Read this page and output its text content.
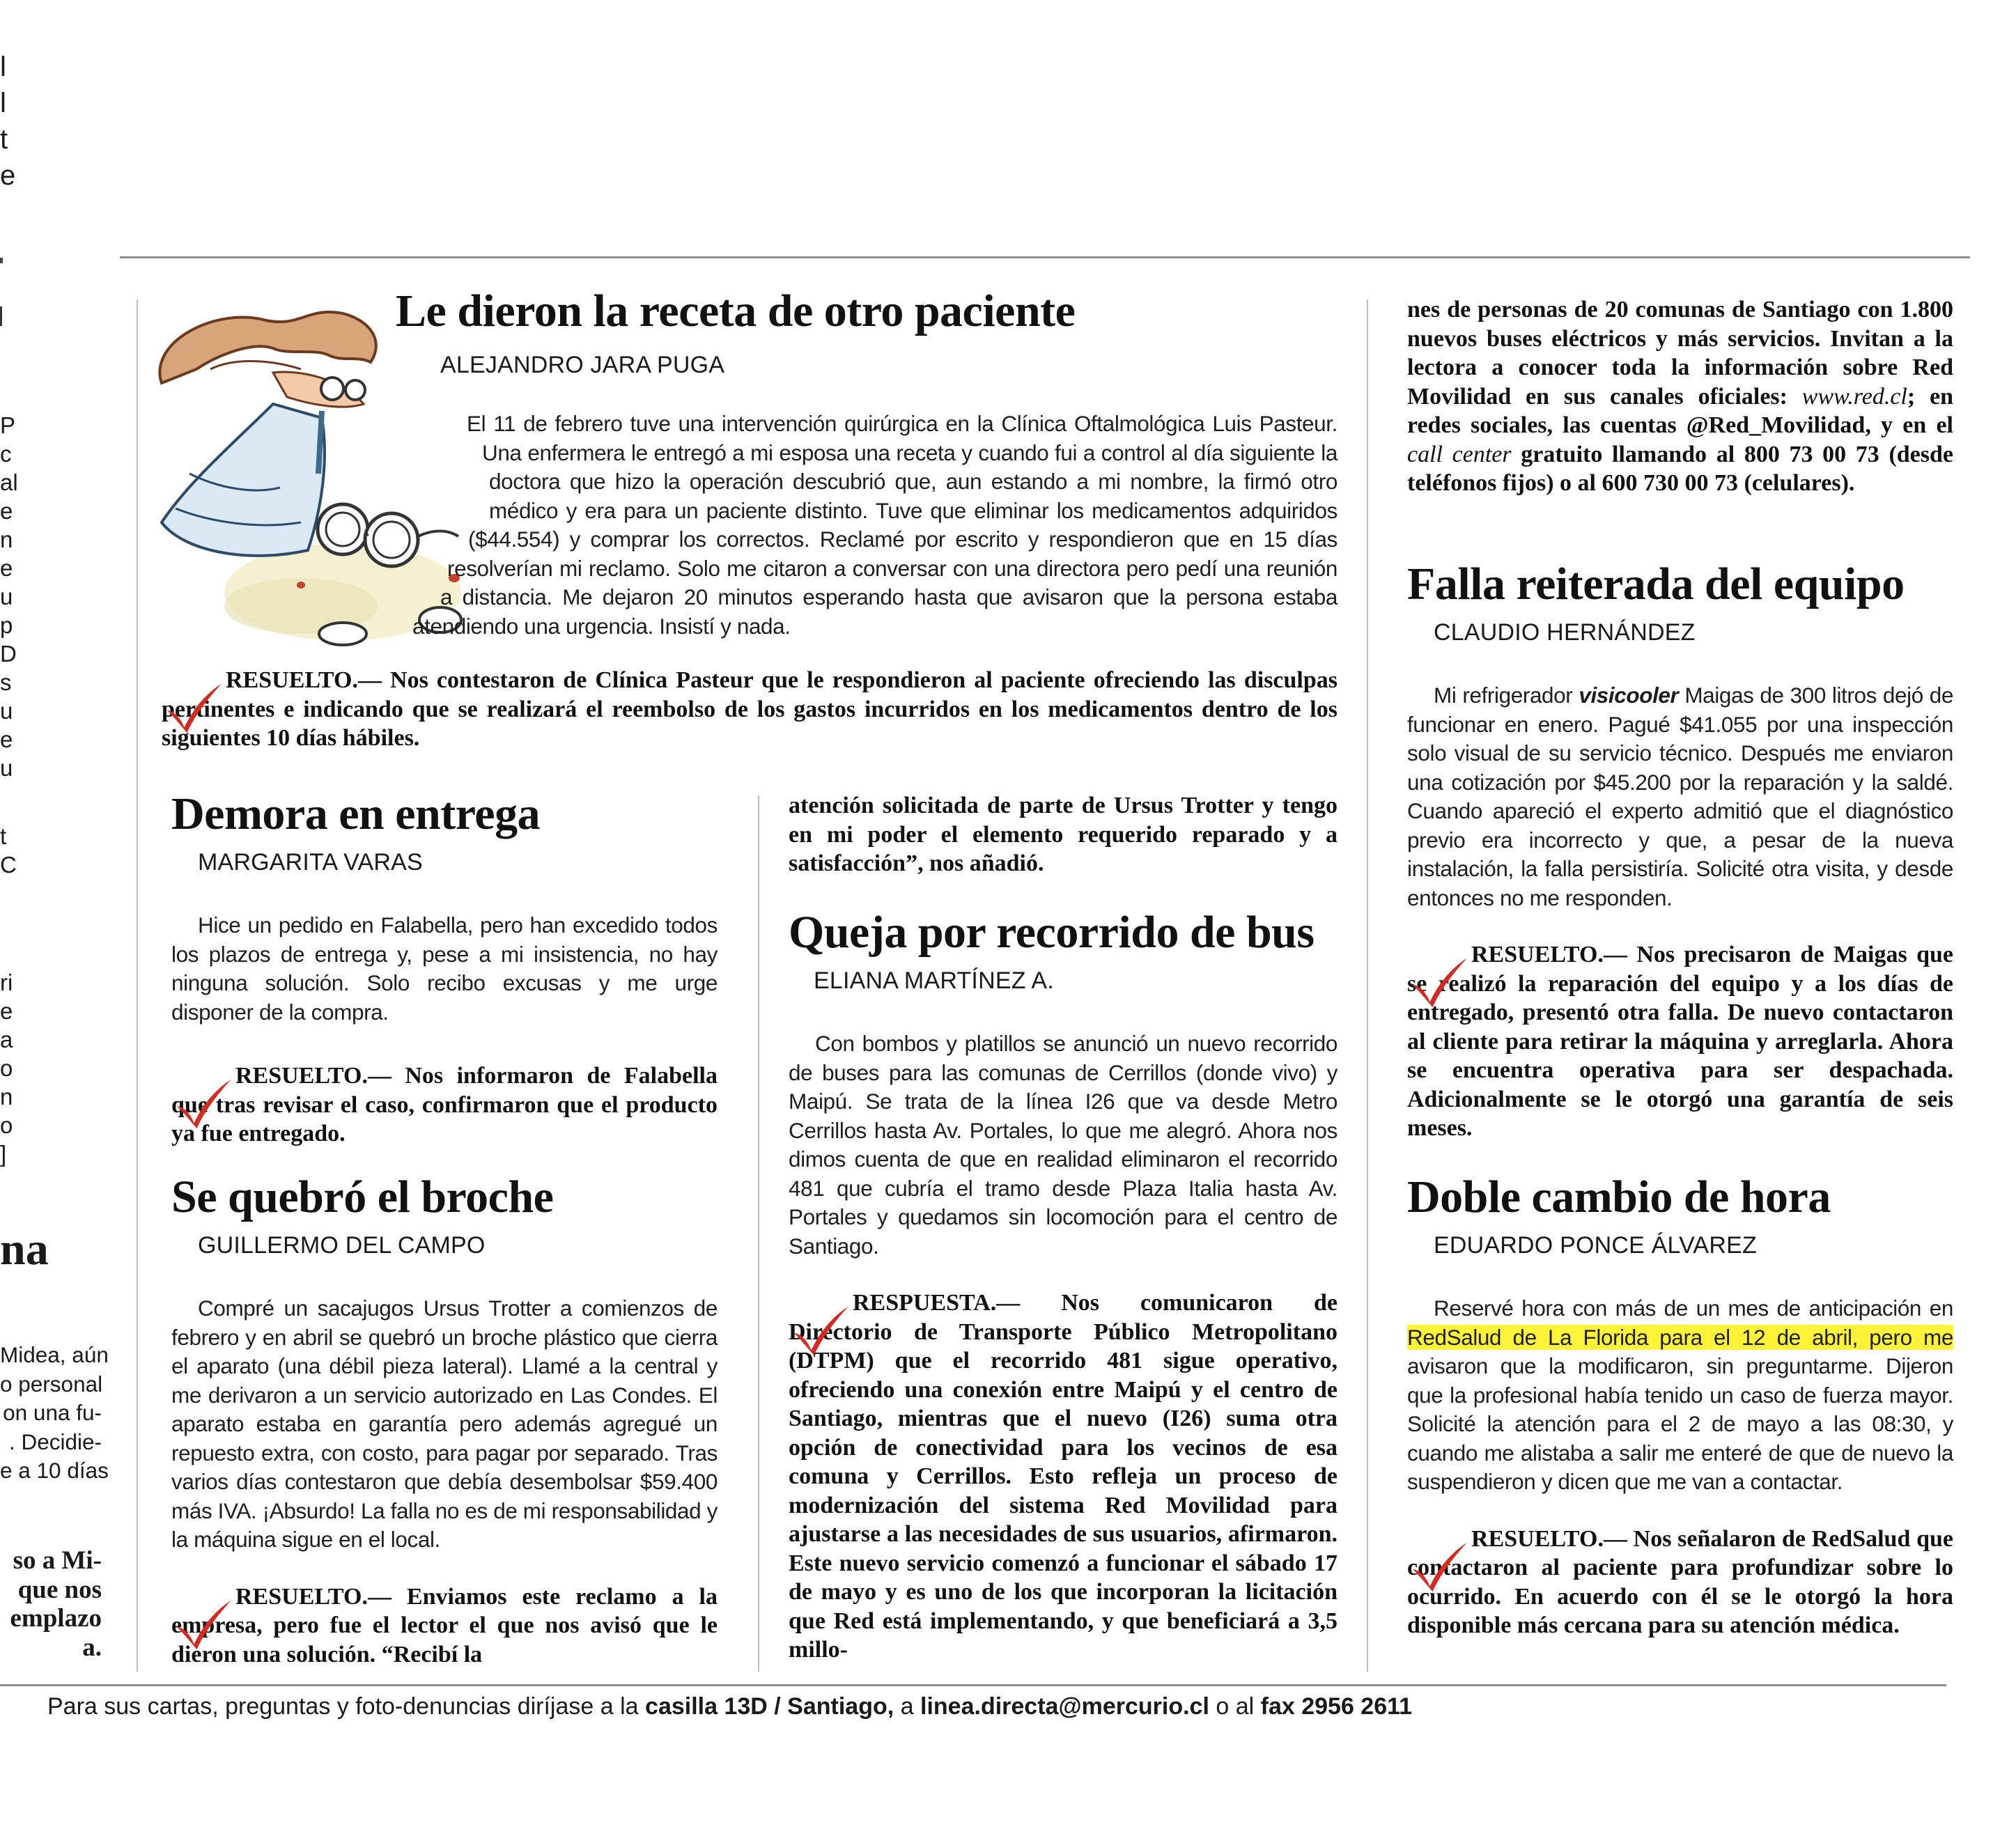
l
l
t
e
P
c
al
e
n
e
u
p
D
s
u
e
u
t
C
ri
e
a
o
n
o
]
na
Midea, aún
o personal
on una fu-
. Decidie-
e a 10 días
so a Mi-
que nos
emplazo
a.
Le dieron la receta de otro paciente

ALEJANDRO JARA PUGA

El 11 de febrero tuve una intervención quirúrgica en la Clínica Oftalmológica Luis Pasteur. Una enfermera le entregó a mi esposa una receta y cuando fui a control al día siguiente la doctora que hizo la operación descubrió que, aun estando a mi nombre, la firmó otro médico y era para un paciente distinto. Tuve que eliminar los medicamentos adquiridos ($44.554) y comprar los correctos. Reclamé por escrito y respondieron que en 15 días resolverían mi reclamo. Solo me citaron a conversar con una directora pero pedí una reunión a distancia. Me dejaron 20 minutos esperando hasta que avisaron que la persona estaba atendiendo una urgencia. Insistí y nada.

RESUELTO.— Nos contestaron de Clínica Pasteur que le respondieron al paciente ofreciendo las disculpas pertinentes e indicando que se realizará el reembolso de los gastos incurridos en los medicamentos dentro de los siguientes 10 días hábiles.

Demora en entrega

MARGARITA VARAS

Hice un pedido en Falabella, pero han excedido todos los plazos de entrega y, pese a mi insistencia, no hay ninguna solución. Solo recibo excusas y me urge disponer de la compra.

RESUELTO.— Nos informaron de Falabella que tras revisar el caso, confirmaron que el producto ya fue entregado.

Se quebró el broche

GUILLERMO DEL CAMPO

Compré un sacajugos Ursus Trotter a comienzos de febrero y en abril se quebró un broche plástico que cierra el aparato (una débil pieza lateral). Llamé a la central y me derivaron a un servicio autorizado en Las Condes. El aparato estaba en garantía pero además agregué un repuesto extra, con costo, para pagar por separado. Tras varios días contestaron que debía desembolsar $59.400 más IVA. ¡Absurdo! La falla no es de mi responsabilidad y la máquina sigue en el local.

RESUELTO.— Enviamos este reclamo a la empresa, pero fue el lector el que nos avisó que le dieron una solución. “Recibí la

atención solicitada de parte de Ursus Trotter y tengo en mi poder el elemento requerido reparado y a satisfacción”, nos añadió.

Queja por recorrido de bus

ELIANA MARTÍNEZ A.

Con bombos y platillos se anunció un nuevo recorrido de buses para las comunas de Cerrillos (donde vivo) y Maipú. Se trata de la línea I26 que va desde Metro Cerrillos hasta Av. Portales, lo que me alegró. Ahora nos dimos cuenta de que en realidad eliminaron el recorrido 481 que cubría el tramo desde Plaza Italia hasta Av. Portales y quedamos sin locomoción para el centro de Santiago.

RESPUESTA.— Nos comunicaron de Directorio de Transporte Público Metropolitano (DTPM) que el recorrido 481 sigue operativo, ofreciendo una conexión entre Maipú y el centro de Santiago, mientras que el nuevo (I26) suma otra opción de conectividad para los vecinos de esa comuna y Cerrillos. Esto refleja un proceso de modernización del sistema Red Movilidad para ajustarse a las necesidades de sus usuarios, afirmaron. Este nuevo servicio comenzó a funcionar el sábado 17 de mayo y es uno de los que incorporan la licitación que Red está implementando, y que beneficiará a 3,5 millo-

nes de personas de 20 comunas de Santiago con 1.800 nuevos buses eléctricos y más servicios. Invitan a la lectora a conocer toda la información sobre Red Movilidad en sus canales oficiales: www.red.cl; en redes sociales, las cuentas @Red_Movilidad, y en el call center gratuito llamando al 800 73 00 73 (desde teléfonos fijos) o al 600 730 00 73 (celulares).

Falla reiterada del equipo

CLAUDIO HERNÁNDEZ

Mi refrigerador visicooler Maigas de 300 litros dejó de funcionar en enero. Pagué $41.055 por una inspección solo visual de su servicio técnico. Después me enviaron una cotización por $45.200 por la reparación y la saldé. Cuando apareció el experto admitió que el diagnóstico previo era incorrecto y que, a pesar de la nueva instalación, la falla persistiría. Solicité otra visita, y desde entonces no me responden.

RESUELTO.— Nos precisaron de Maigas que se realizó la reparación del equipo y a los días de entregado, presentó otra falla. De nuevo contactaron al cliente para retirar la máquina y arreglarla. Ahora se encuentra operativa para ser despachada. Adicionalmente se le otorgó una garantía de seis meses.

Doble cambio de hora

EDUARDO PONCE ÁLVAREZ

Reservé hora con más de un mes de anticipación en RedSalud de La Florida para el 12 de abril, pero me avisaron que la modificaron, sin preguntarme. Dijeron que la profesional había tenido un caso de fuerza mayor. Solicité la atención para el 2 de mayo a las 08:30, y cuando me alistaba a salir me enteré de que de nuevo la suspendieron y dicen que me van a contactar.

RESUELTO.— Nos señalaron de RedSalud que contactaron al paciente para profundizar sobre lo ocurrido. En acuerdo con él se le otorgó la hora disponible más cercana para su atención médica.

Para sus cartas, preguntas y foto-denuncias diríjase a la casilla 13D / Santiago, a linea.directa@mercurio.cl o al fax 2956 2611
